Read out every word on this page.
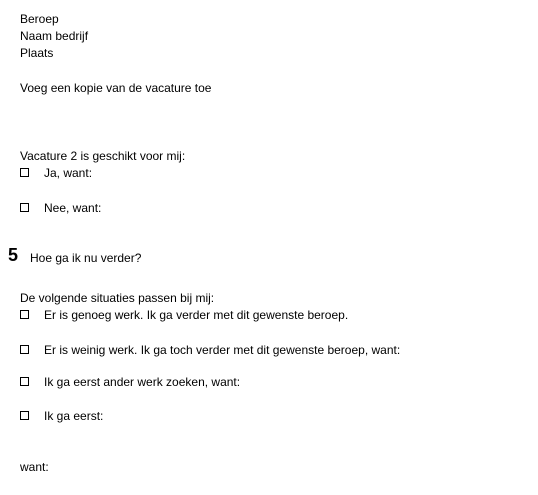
Beroep
Naam bedrijf
Plaats
Voeg een kopie van de vacature toe
Vacature 2 is geschikt voor mij:
Ja, want:
Nee, want:
5 Hoe ga ik nu verder?
De volgende situaties passen bij mij:
Er is genoeg werk. Ik ga verder met dit gewenste beroep.
Er is weinig werk. Ik ga toch verder met dit gewenste beroep, want:
Ik ga eerst ander werk zoeken, want:
Ik ga eerst:
want:
